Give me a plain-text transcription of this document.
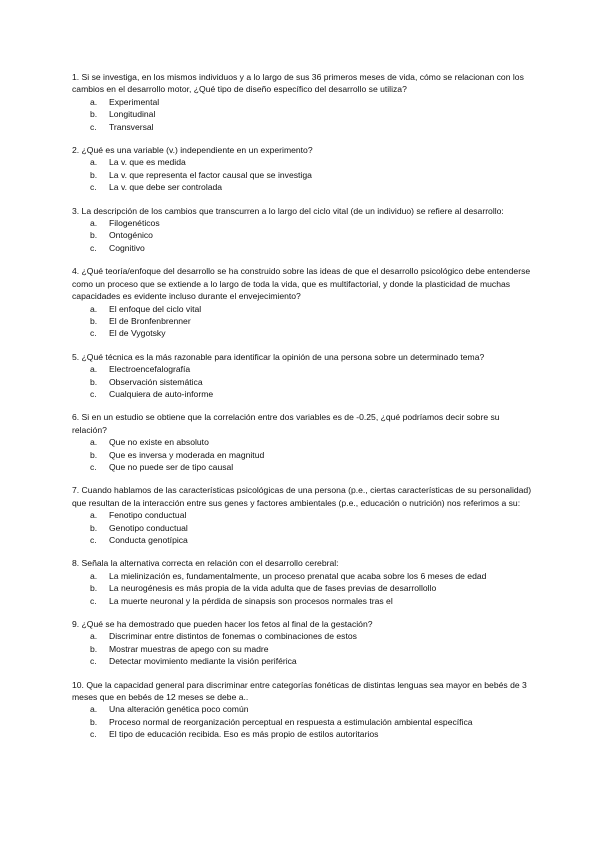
1. Si se investiga, en los mismos individuos y a lo largo de sus 36 primeros meses de vida, cómo se relacionan con los cambios en el desarrollo motor, ¿Qué tipo de diseño específico del desarrollo se utiliza?

a.	Experimental
b.	Longitudinal
c.	Transversal

2. ¿Qué es una variable (v.) independiente en un experimento?

a.	La v. que es medida
b.	La v. que representa el factor causal que se investiga
c.	La v. que debe ser controlada

3. La descripción de los cambios que transcurren a lo largo del ciclo vital (de un individuo) se refiere al desarrollo:

a.	Filogenéticos
b.	Ontogénico
c.	Cognitivo

4. ¿Qué teoría/enfoque del desarrollo se ha construido sobre las ideas de que el desarrollo psicológico debe entenderse como un proceso que se extiende a lo largo de toda la vida, que es multifactorial, y donde la plasticidad de muchas capacidades es evidente incluso durante el envejecimiento?

a.	El enfoque del ciclo vital
b.	El de Bronfenbrenner
c.	El de Vygotsky

5. ¿Qué técnica es la más razonable para identificar la opinión de una persona sobre un determinado tema?

a.	Electroencefalografía
b.	Observación sistemática
c.	Cualquiera de auto-informe

6. Si en un estudio se obtiene que la correlación entre dos variables es de -0.25, ¿qué podríamos decir sobre su relación?

a.	Que no existe en absoluto
b.	Que es inversa y moderada en magnitud
c.	Que no puede ser de tipo causal

7. Cuando hablamos de las características psicológicas de una persona (p.e., ciertas características de su personalidad) que resultan de la interacción entre sus genes y factores ambientales (p.e., educación o nutrición) nos referimos a su:

a.	Fenotipo conductual
b.	Genotipo conductual
c.	Conducta genotípica

8. Señala la alternativa correcta en relación con el desarrollo cerebral:

a.	La mielinización es, fundamentalmente, un proceso prenatal que acaba sobre los 6 meses de edad
b.	La neurogénesis es más propia de la vida adulta que de fases previas de desarrollollo
c.	La muerte neuronal y la pérdida de sinapsis son procesos normales tras el

9. ¿Qué se ha demostrado que pueden hacer los fetos al final de la gestación?

a.	Discriminar entre distintos de fonemas o combinaciones de estos
b.	Mostrar muestras de apego con su madre
c.	Detectar movimiento mediante la visión periférica

10. Que la capacidad general para discriminar entre categorías fonéticas de distintas lenguas sea mayor en bebés de 3 meses que en bebés de 12 meses se debe a..

a.	Una alteración genética poco común
b.	Proceso normal de reorganización perceptual en respuesta a estimulación ambiental específica
c.	El tipo de educación recibida. Eso es más propio de estilos autoritarios
